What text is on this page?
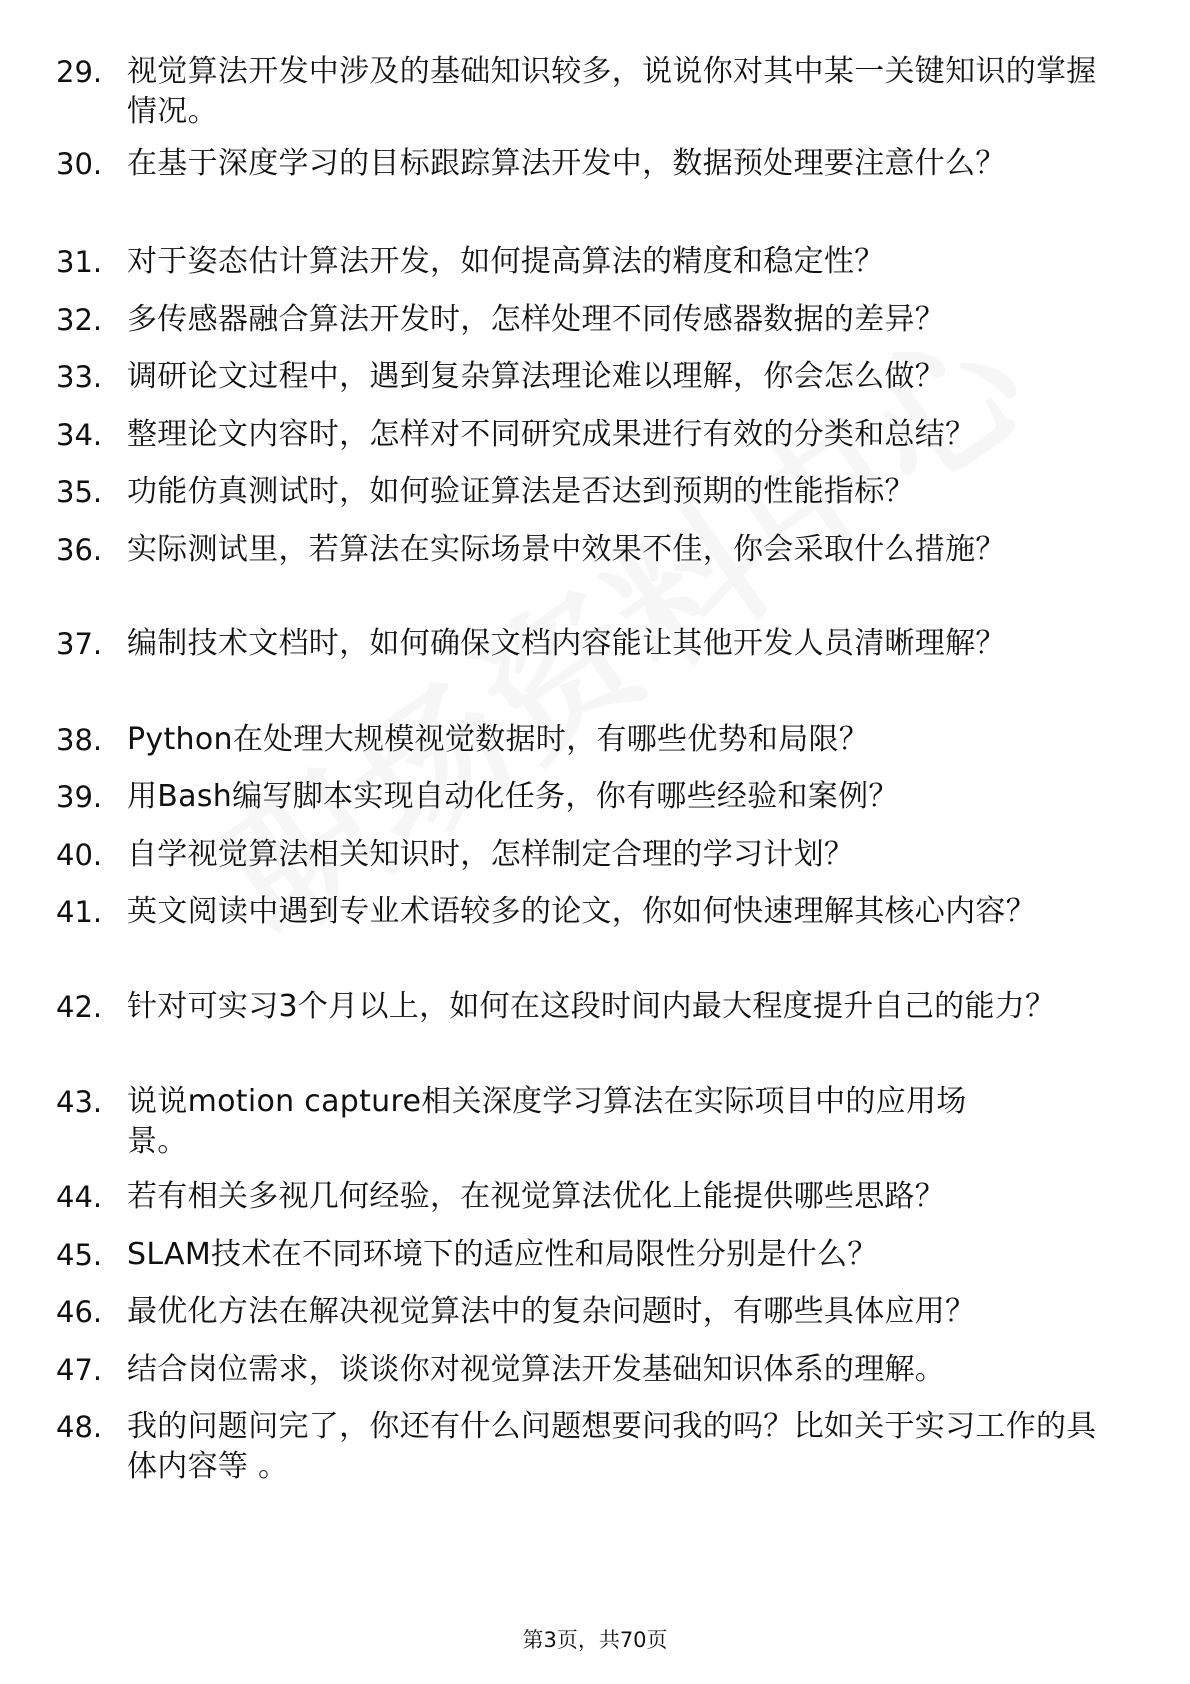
29. 视觉算法开发中涉及的基础知识较多，说说你对其中某一关键知识的掌握情况。
30. 在基于深度学习的目标跟踪算法开发中，数据预处理要注意什么？
31. 对于姿态估计算法开发，如何提高算法的精度和稳定性？
32. 多传感器融合算法开发时，怎样处理不同传感器数据的差异？
33. 调研论文过程中，遇到复杂算法理论难以理解，你会怎么做？
34. 整理论文内容时，怎样对不同研究成果进行有效的分类和总结？
35. 功能仿真测试时，如何验证算法是否达到预期的性能指标？
36. 实际测试里，若算法在实际场景中效果不佳，你会采取什么措施？
37. 编制技术文档时，如何确保文档内容能让其他开发人员清晰理解？
38. Python在处理大规模视觉数据时，有哪些优势和局限？
39. 用Bash编写脚本实现自动化任务，你有哪些经验和案例？
40. 自学视觉算法相关知识时，怎样制定合理的学习计划？
41. 英文阅读中遇到专业术语较多的论文，你如何快速理解其核心内容？
42. 针对可实习3个月以上，如何在这段时间内最大程度提升自己的能力？
43. 说说motion capture相关深度学习算法在实际项目中的应用场景。
44. 若有相关多视几何经验，在视觉算法优化上能提供哪些思路？
45. SLAM技术在不同环境下的适应性和局限性分别是什么？
46. 最优化方法在解决视觉算法中的复杂问题时，有哪些具体应用？
47. 结合岗位需求，谈谈你对视觉算法开发基础知识体系的理解。
48. 我的问题问完了，你还有什么问题想要问我的吗？比如关于实习工作的具体内容等 。
第3页，共70页
